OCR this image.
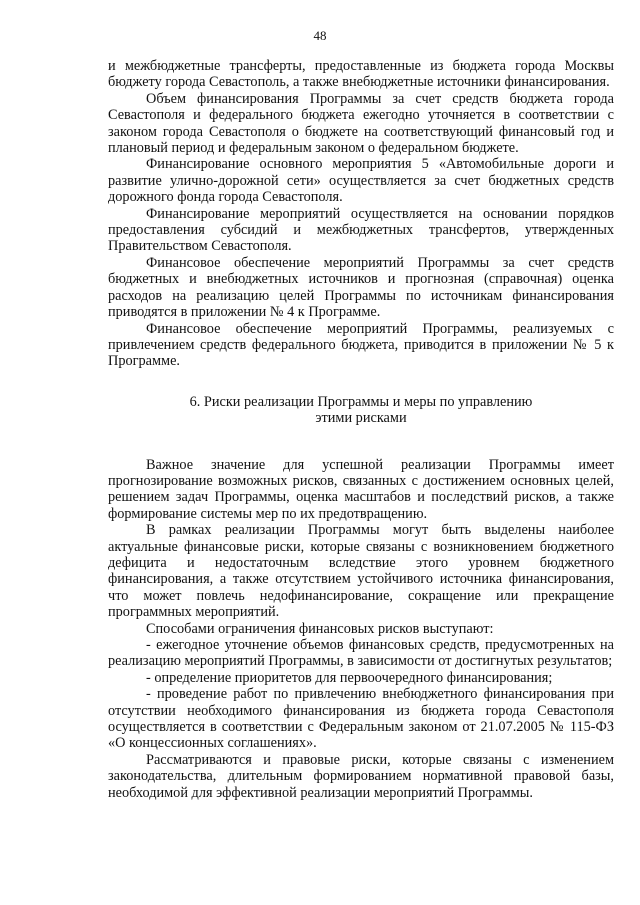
48

и межбюджетные трансферты, предоставленные из бюджета города Москвы бюджету города Севастополь, а также внебюджетные источники финансирования.

Объем финансирования Программы за счет средств бюджета города Севастополя и федерального бюджета ежегодно уточняется в соответствии с законом города Севастополя о бюджете на соответствующий финансовый год и плановый период и федеральным законом о федеральном бюджете.

Финансирование основного мероприятия 5 «Автомобильные дороги и развитие улично-дорожной сети» осуществляется за счет бюджетных средств дорожного фонда города Севастополя.

Финансирование мероприятий осуществляется на основании порядков предоставления субсидий и межбюджетных трансфертов, утвержденных Правительством Севастополя.

Финансовое обеспечение мероприятий Программы за счет средств бюджетных и внебюджетных источников и прогнозная (справочная) оценка расходов на реализацию целей Программы по источникам финансирования приводятся в приложении № 4 к Программе.

Финансовое обеспечение мероприятий Программы, реализуемых с привлечением средств федерального бюджета, приводится в приложении № 5 к Программе.

6. Риски реализации Программы и меры по управлению
этими рисками

Важное значение для успешной реализации Программы имеет прогнозирование возможных рисков, связанных с достижением основных целей, решением задач Программы, оценка масштабов и последствий рисков, а также формирование системы мер по их предотвращению.

В рамках реализации Программы могут быть выделены наиболее актуальные финансовые риски, которые связаны с возникновением бюджетного дефицита и недостаточным вследствие этого уровнем бюджетного финансирования, а также отсутствием устойчивого источника финансирования, что может повлечь недофинансирование, сокращение или прекращение программных мероприятий.

Способами ограничения финансовых рисков выступают:

- ежегодное уточнение объемов финансовых средств, предусмотренных на реализацию мероприятий Программы, в зависимости от достигнутых результатов;

- определение приоритетов для первоочередного финансирования;

- проведение работ по привлечению внебюджетного финансирования при отсутствии необходимого финансирования из бюджета города Севастополя осуществляется в соответствии с Федеральным законом от 21.07.2005 № 115-ФЗ «О концессионных соглашениях».

Рассматриваются и правовые риски, которые связаны с изменением законодательства, длительным формированием нормативной правовой базы, необходимой для эффективной реализации мероприятий Программы.
